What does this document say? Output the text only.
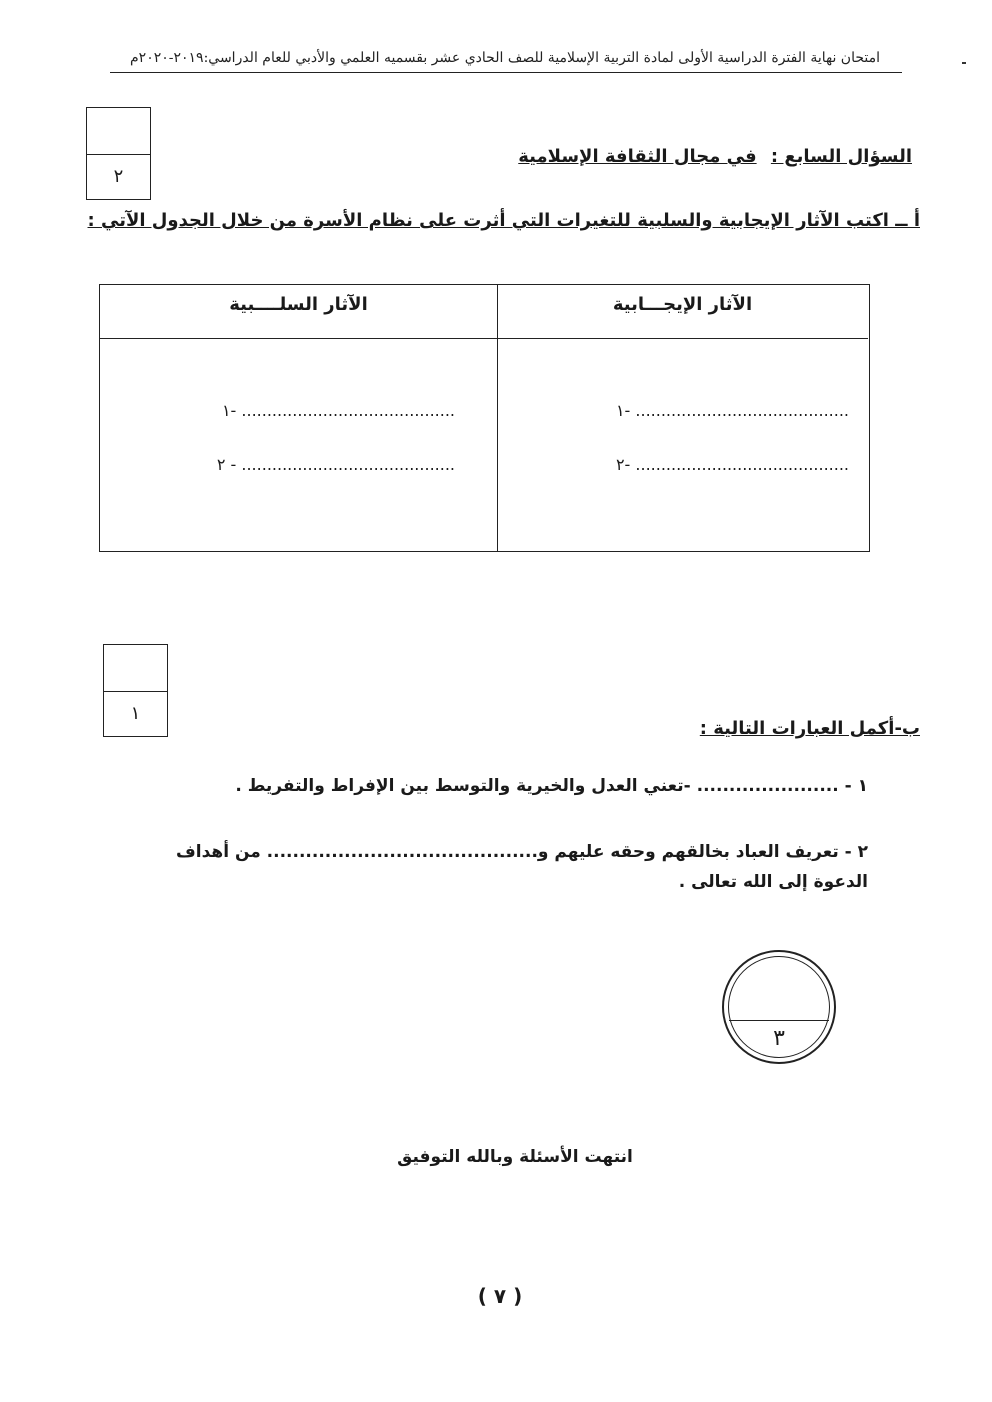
امتحان نهاية الفترة الدراسية الأولى لمادة التربية الإسلامية للصف الحادي عشر بقسميه العلمي والأدبي للعام الدراسي:٢٠١٩-٢٠٢٠م
٢
السؤال السابع : في مجال الثقافة الإسلامية
أ ــ اكتب الآثار الإيجابية والسلبية للتغيرات التي أثرت على نظام الأسرة من خلال الجدول الآتي :
الآثار السلــــبية	الآثار الإيجـــابية
١- ..........................................
٢- ..........................................
١- ..........................................
٢ - ..........................................
١
ب-أكمل العبارات التالية :
١ - ...................... -تعني العدل والخيرية والتوسط بين الإفراط والتفريط .
٢ - تعريف العباد بخالقهم وحقه عليهم و.......................................... من أهداف
الدعوة إلى الله تعالى .
٣
انتهت الأسئلة وبالله التوفيق
( ٧ )
